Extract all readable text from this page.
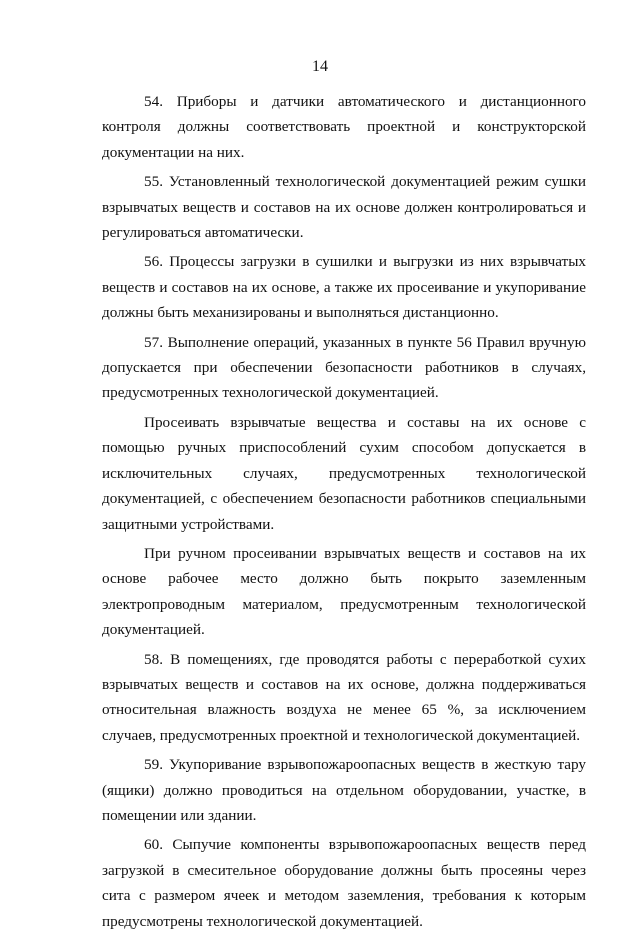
14

54. Приборы и датчики автоматического и дистанционного контроля должны соответствовать проектной и конструкторской документации на них.

55. Установленный технологической документацией режим сушки взрывчатых веществ и составов на их основе должен контролироваться и регулироваться автоматически.

56. Процессы загрузки в сушилки и выгрузки из них взрывчатых веществ и составов на их основе, а также их просеивание и укупоривание должны быть механизированы и выполняться дистанционно.

57. Выполнение операций, указанных в пункте 56 Правил вручную допускается при обеспечении безопасности работников в случаях, предусмотренных технологической документацией.

Просеивать взрывчатые вещества и составы на их основе с помощью ручных приспособлений сухим способом допускается в исключительных случаях, предусмотренных технологической документацией, с обеспечением безопасности работников специальными защитными устройствами.

При ручном просеивании взрывчатых веществ и составов на их основе рабочее место должно быть покрыто заземленным электропроводным материалом, предусмотренным технологической документацией.

58. В помещениях, где проводятся работы с переработкой сухих взрывчатых веществ и составов на их основе, должна поддерживаться относительная влажность воздуха не менее 65 %, за исключением случаев, предусмотренных проектной и технологической документацией.

59. Укупоривание взрывопожароопасных веществ в жесткую тару (ящики) должно проводиться на отдельном оборудовании, участке, в помещении или здании.

60. Сыпучие компоненты взрывопожароопасных веществ перед загрузкой в смесительное оборудование должны быть просеяны через сита с размером ячеек и методом заземления, требования к которым предусмотрены технологической документацией.
